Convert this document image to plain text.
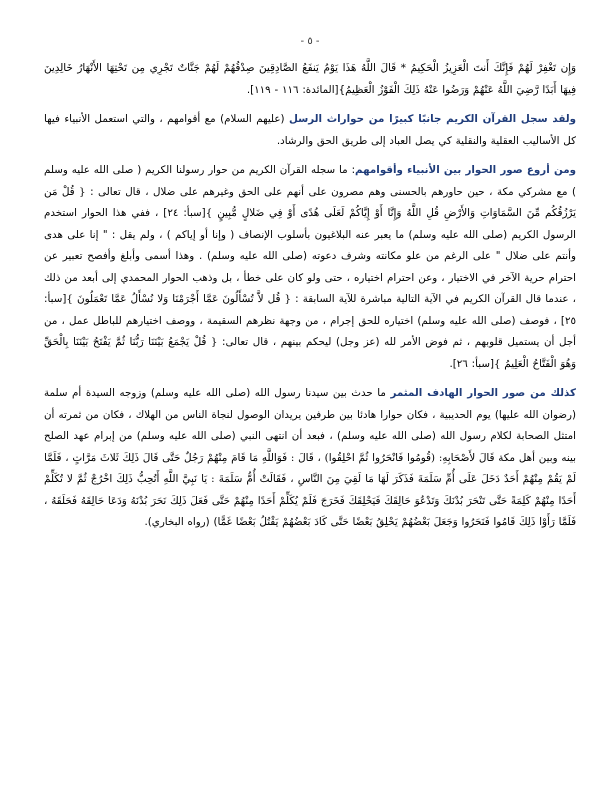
- ٥ -

وَإِن تَغْفِرْ لَهُمْ فَإِنَّكَ أَنتَ الْعَزِيزُ الْحَكِيمُ * قَالَ اللَّهُ هَذَا يَوْمُ يَنفَعُ الصَّادِقِينَ صِدْقُهُمْ لَهُمْ جَنَّاتٌ تَجْرِي مِن تَحْتِهَا الأَنْهَارُ خَالِدِينَ فِيهَا أَبَدًا رَّضِيَ اللَّهُ عَنْهُمْ وَرَضُوا عَنْهُ ذَلِكَ الْفَوْزُ الْعَظِيمُ}[المائدة: ١١٦ - ١١٩].

ولقد سجل القرآن الكريم جانبًا كبيرًا من حواراث الرسل (عليهم السلام) مع أقوامهم ، والتي استعمل الأنبياء فيها كل الأساليب العقلية والنقلية كي يصل العباد إلى طريق الحق والرشاد.

ومن أروع صور الحوار بين الأنبياء وأقوامهم: ما سجله القرآن الكريم من حوار رسولنا الكريم ( صلى الله عليه وسلم ) مع مشركي مكة ، حين حاورهم بالحسنى وهم مصرون على أنهم على الحق وغيرهم على ضلال ، قال تعالى : { قُلْ مَن يَرْزُقُكُم مِّنَ السَّمَاوَاتِ وَالأَرْضِ قُلِ اللَّهُ وَإِنَّا أَوْ إِيَّاكُمْ لَعَلَى هُدًى أَوْ فِي ضَلالٍ مُّبِينٍ }[سبأ: ٢٤] ، ففي هذا الحوار استخدم الرسول الكريم (صلى الله عليه وسلم) ما يعبر عنه البلاغيون بأسلوب الإنصاف ( وإنا أو إياكم ) ، ولم يقل : " إنا على هدى وأنتم على ضلال " على الرغم من علو مكانته وشرف دعوته (صلى الله عليه وسلم) . وهذا أسمى وأبلغ وأفصح تعبير عن احترام حرية الآخر في الاختيار ، وعن احترام اختياره ، حتى ولو كان على خطأ ، بل وذهب الحوار المحمدي إلى أبعد من ذلك ، عندما قال القرآن الكريم في الآية التالية مباشرة للآية السابقة : { قُل لاَّ تُسْأَلُونَ عَمَّا أَجْرَمْنَا وَلا نُسْأَلُ عَمَّا تَعْمَلُونَ }[سبأ: ٢٥] ، فوصف (صلى الله عليه وسلم) اختياره للحق إجرام ، من وجهة نظرهم السقيمة ، ووصف اختيارهم للباطل عمل ، من أجل أن يستميل قلوبهم ، ثم فوض الأمر لله (عز وجل) ليحكم بينهم ، قال تعالى: { قُلْ يَجْمَعُ بَيْنَنَا رَبُّنَا ثُمَّ يَفْتَحُ بَيْنَنَا بِالْحَقِّ وَهُوَ الْفَتَّاحُ الْعَلِيمُ }[سبأ: ٢٦].

كذلك من صور الحوار الهادف المثمر ما حدث بين سيدنا رسول الله (صلى الله عليه وسلم) وزوجه السيدة أم سلمة (رضوان الله عليها) يوم الحديبية ، فكان حوارا هادئا بين طرفين يريدان الوصول لنجاة الناس من الهلاك ، فكان من ثمرته أن امتثل الصحابة لكلام رسول الله (صلى الله عليه وسلم) ، فبعد أن انتهى النبي (صلى الله عليه وسلم) من إبرام عهد الصلح بينه وبين أهل مكة قَالَ لأَصْحَابِهِ: (قُومُوا فَانْحَرُوا ثُمَّ احْلِقُوا) ، قَالَ : فَوَاللَّهِ مَا قَامَ مِنْهُمْ رَجُلٌ حَتَّى قَالَ ذَلِكَ ثَلاثَ مَرَّاتٍ ، فَلَمَّا لَمْ يَقُمْ مِنْهُمْ أَحَدٌ دَخَلَ عَلَى أُمِّ سَلَمَةَ فَذَكَرَ لَهَا مَا لَقِيَ مِنَ النَّاسِ ، فَقَالَتْ أُمُّ سَلَمَةَ : يَا نَبِيَّ اللَّهِ أَتُحِبُّ ذَلِكَ اخْرُجْ ثُمَّ لا تُكَلِّمْ أَحَدًا مِنْهُمْ كَلِمَةً حَتَّى تَنْحَرَ بُدْنَكَ وَتَدْعُوَ حَالِقَكَ فَيَحْلِقَكَ فَخَرَجَ فَلَمْ يُكَلِّمْ أَحَدًا مِنْهُمْ حَتَّى فَعَلَ ذَلِكَ نَحَرَ بُدْنَهُ وَدَعَا حَالِقَهُ فَحَلَقَهُ ، فَلَمَّا رَأَوْا ذَلِكَ قَامُوا فَنَحَرُوا وَجَعَلَ بَعْضُهُمْ يَحْلِقُ بَعْضًا حَتَّى كَادَ بَعْضُهُمْ يَقْتُلُ بَعْضًا غَمًّا) (رواه البخاري).
